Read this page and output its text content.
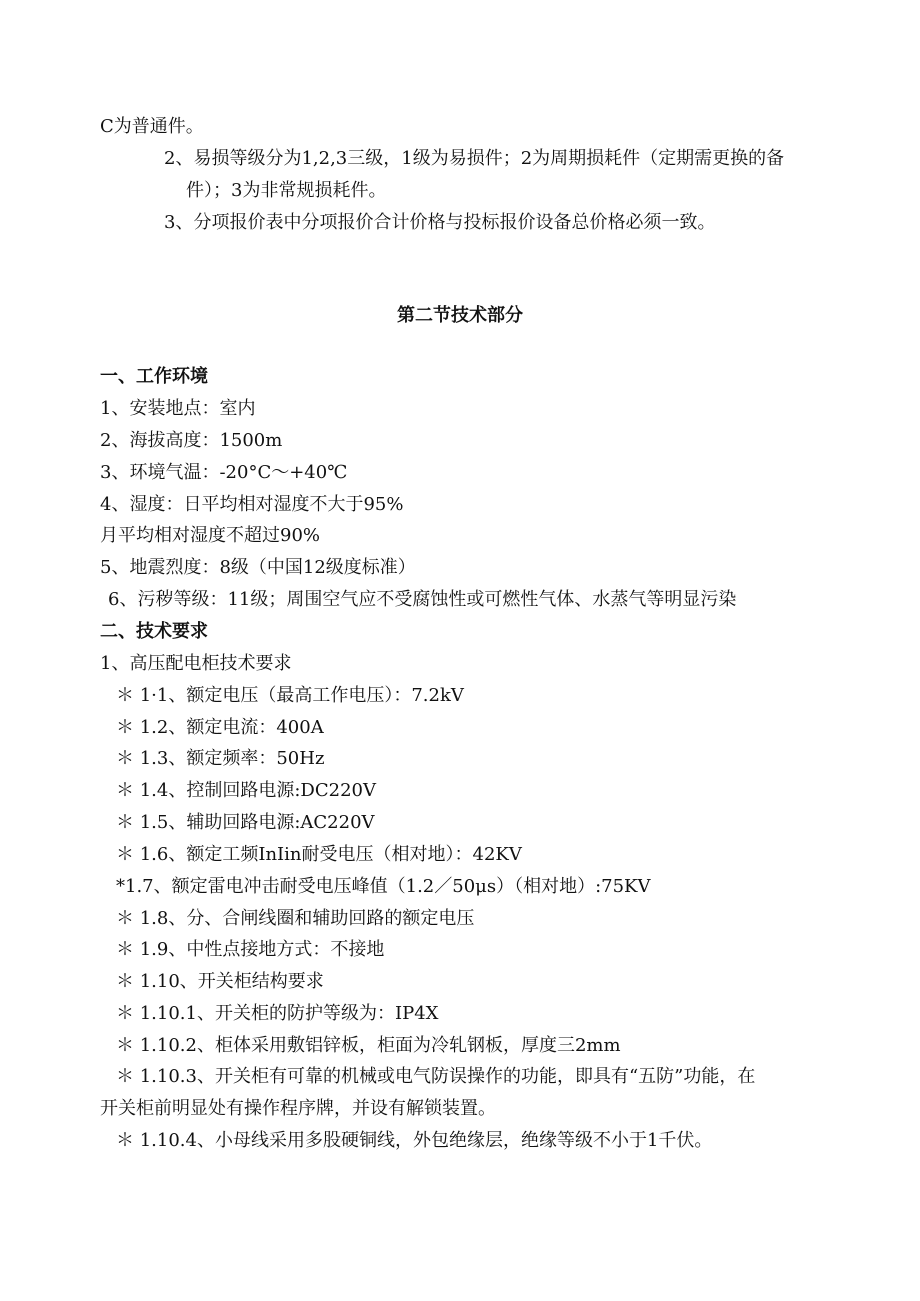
C为普通件。
2、易损等级分为1,2,3三级，1级为易损件；2为周期损耗件（定期需更换的备
件）；3为非常规损耗件。
3、分项报价表中分项报价合计价格与投标报价设备总价格必须一致。
第二节技术部分
一、工作环境
1、安装地点：室内
2、海拔高度：1500m
3、环境气温：-20°C〜+40℃
4、湿度：日平均相对湿度不大于95%
月平均相对湿度不超过90%
5、地震烈度：8级（中国12级度标准）
6、污秽等级：11级；周围空气应不受腐蚀性或可燃性气体、水蒸气等明显污染
二、技术要求
1、高压配电柜技术要求
＊ 1·1、额定电压（最高工作电压）：7.2kV
＊ 1.2、额定电流：400A
＊ 1.3、额定频率：50Hz
＊ 1.4、控制回路电源:DC220V
＊ 1.5、辅助回路电源:AC220V
＊ 1.6、额定工频InIin耐受电压（相对地）：42KV
*1.7、额定雷电冲击耐受电压峰值（1.2／50μs）（相对地）:75KV
＊ 1.8、分、合闸线圈和辅助回路的额定电压
＊ 1.9、中性点接地方式：不接地
＊ 1.10、开关柜结构要求
＊ 1.10.1、开关柜的防护等级为：IP4X
＊ 1.10.2、柜体采用敷铝锌板，柜面为冷轧钢板，厚度三2mm
＊ 1.10.3、开关柜有可靠的机械或电气防误操作的功能，即具有“五防”功能，在
开关柜前明显处有操作程序牌，并设有解锁装置。
＊ 1.10.4、小母线采用多股硬铜线，外包绝缘层，绝缘等级不小于1千伏。
